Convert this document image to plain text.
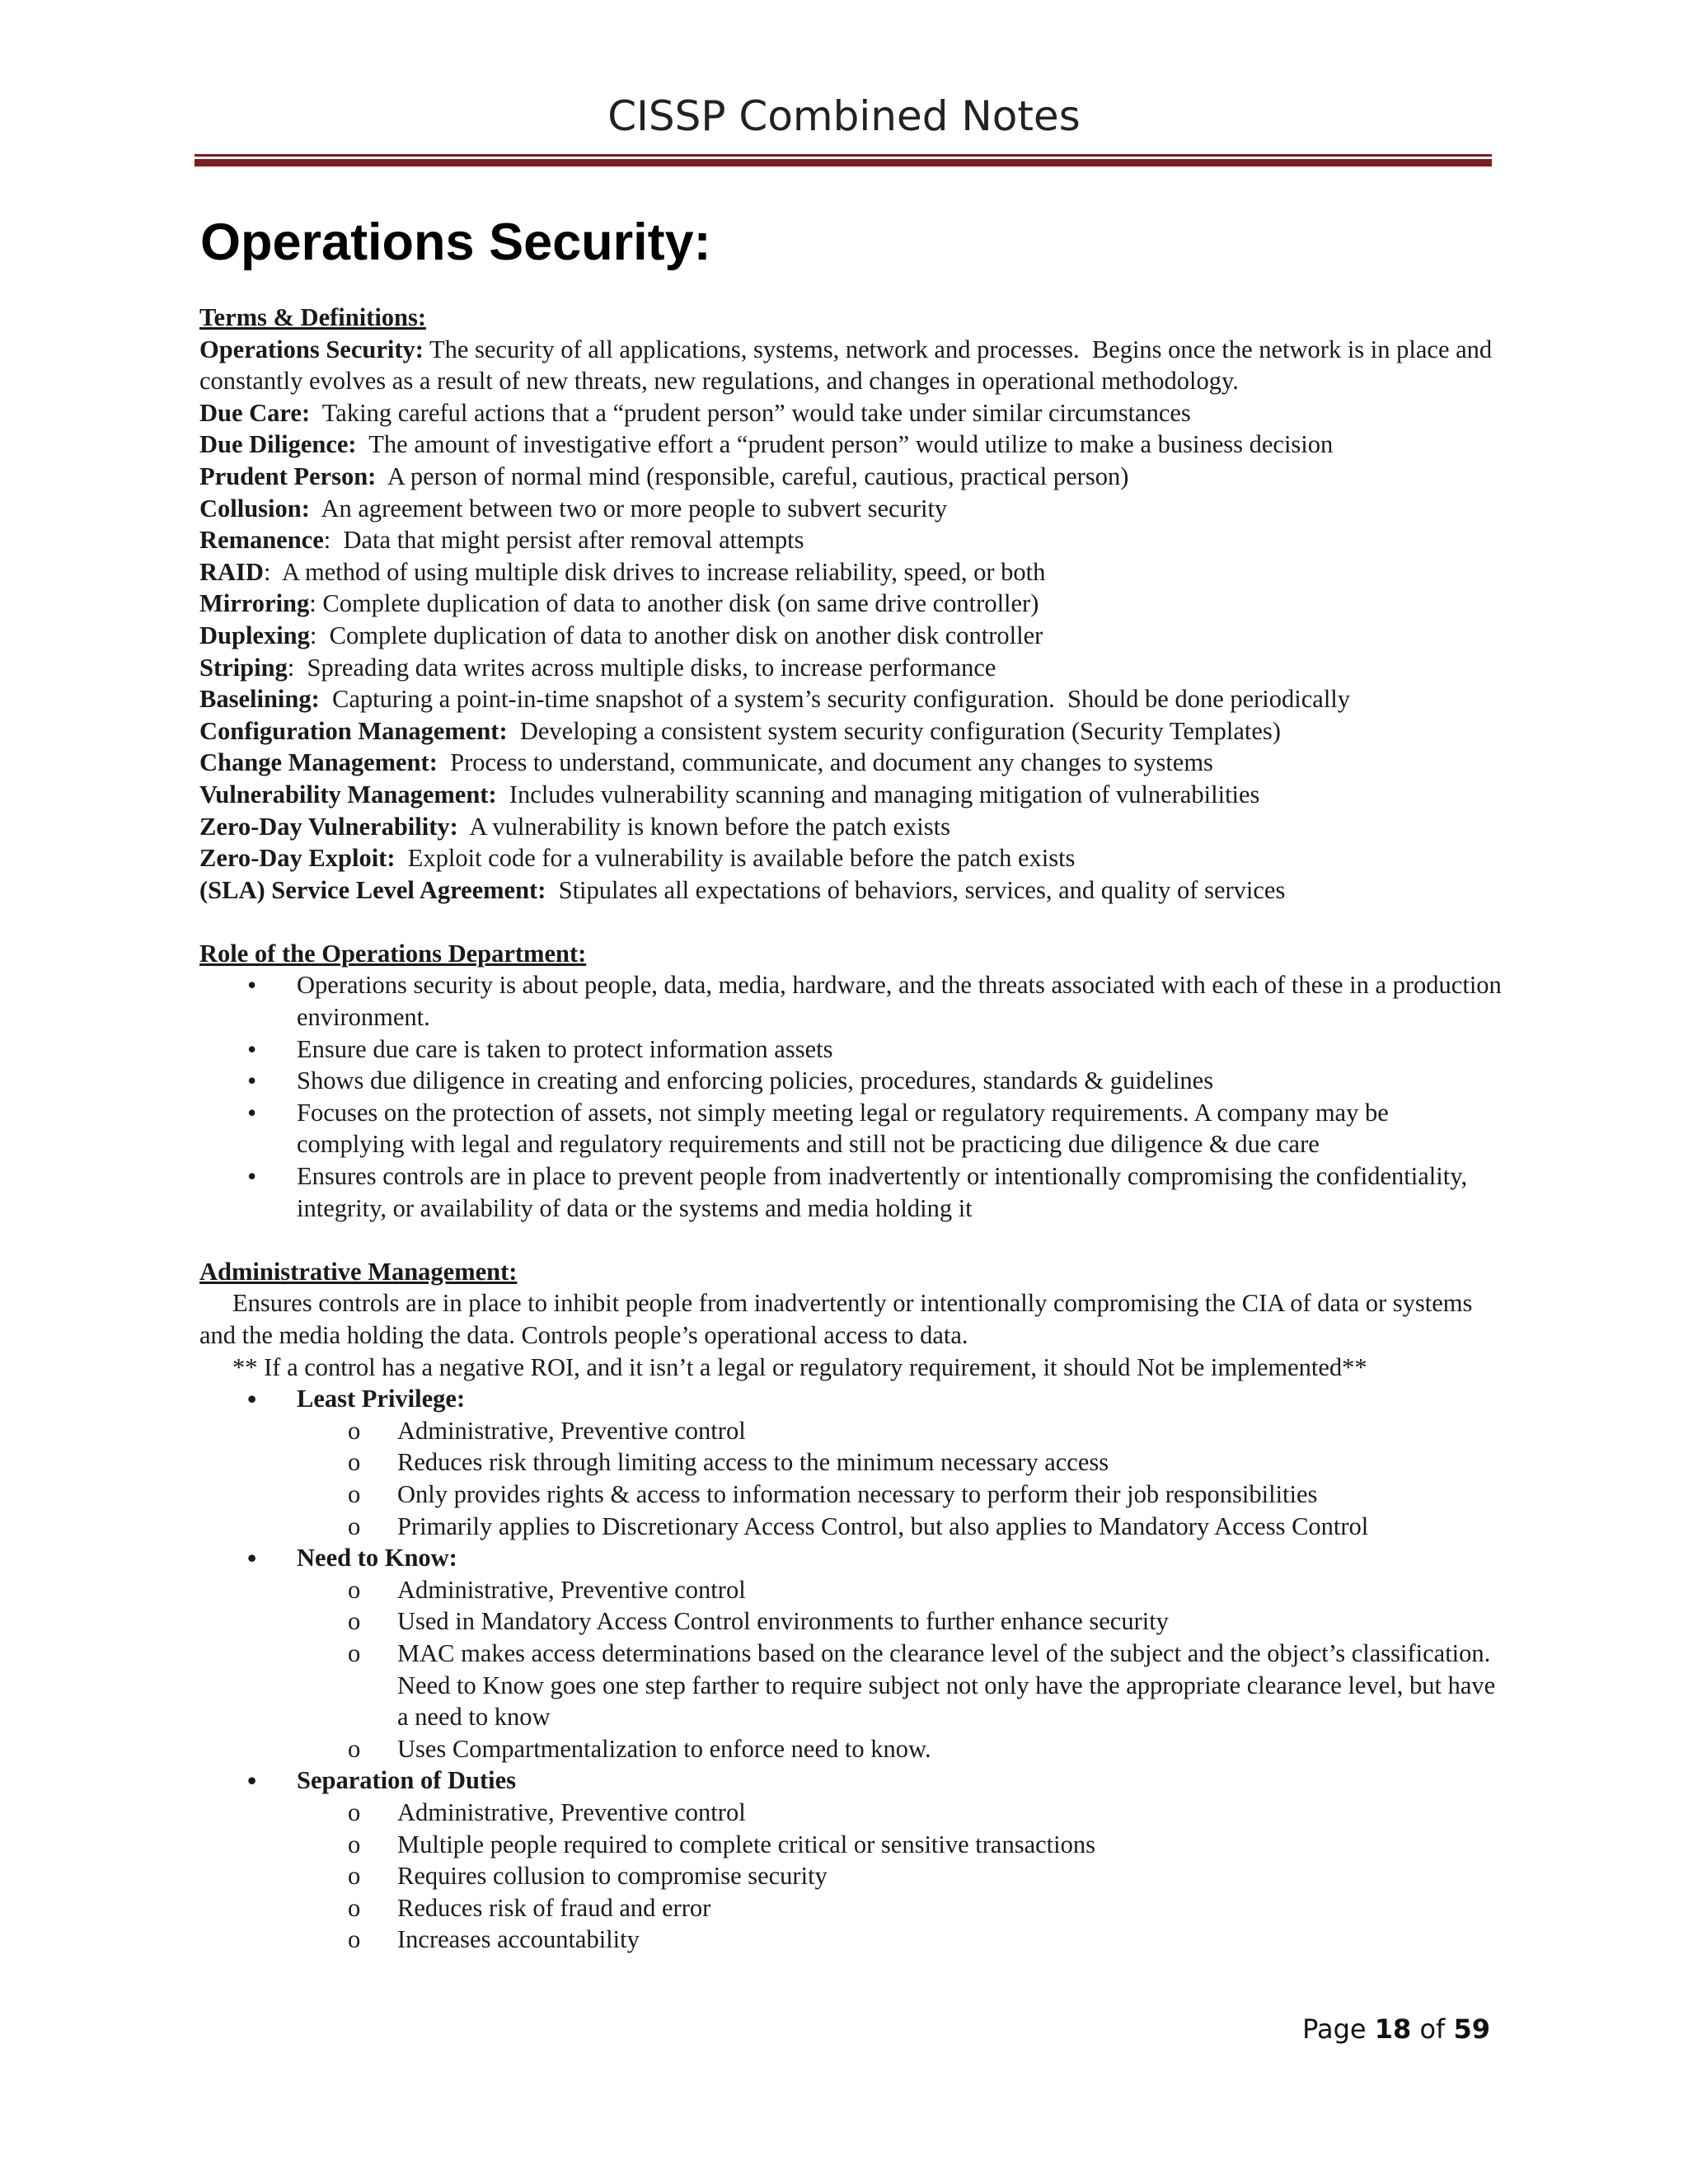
CISSP Combined Notes
Operations Security:
Terms & Definitions:
Operations Security: The security of all applications, systems, network and processes.  Begins once the network is in place and constantly evolves as a result of new threats, new regulations, and changes in operational methodology.
Due Care:  Taking careful actions that a “prudent person” would take under similar circumstances
Due Diligence:  The amount of investigative effort a “prudent person” would utilize to make a business decision
Prudent Person:  A person of normal mind (responsible, careful, cautious, practical person)
Collusion:  An agreement between two or more people to subvert security
Remanence:  Data that might persist after removal attempts
RAID:  A method of using multiple disk drives to increase reliability, speed, or both
Mirroring: Complete duplication of data to another disk (on same drive controller)
Duplexing:  Complete duplication of data to another disk on another disk controller
Striping:  Spreading data writes across multiple disks, to increase performance
Baselining:  Capturing a point-in-time snapshot of a system’s security configuration.  Should be done periodically
Configuration Management:  Developing a consistent system security configuration (Security Templates)
Change Management:  Process to understand, communicate, and document any changes to systems
Vulnerability Management:  Includes vulnerability scanning and managing mitigation of vulnerabilities
Zero-Day Vulnerability:  A vulnerability is known before the patch exists
Zero-Day Exploit:  Exploit code for a vulnerability is available before the patch exists
(SLA) Service Level Agreement:  Stipulates all expectations of behaviors, services, and quality of services
Role of the Operations Department:
• Operations security is about people, data, media, hardware, and the threats associated with each of these in a production environment.
• Ensure due care is taken to protect information assets
• Shows due diligence in creating and enforcing policies, procedures, standards & guidelines
• Focuses on the protection of assets, not simply meeting legal or regulatory requirements. A company may be complying with legal and regulatory requirements and still not be practicing due diligence & due care
• Ensures controls are in place to prevent people from inadvertently or intentionally compromising the confidentiality, integrity, or availability of data or the systems and media holding it
Administrative Management:
Ensures controls are in place to inhibit people from inadvertently or intentionally compromising the CIA of data or systems and the media holding the data. Controls people’s operational access to data.
** If a control has a negative ROI, and it isn’t a legal or regulatory requirement, it should Not be implemented**
• Least Privilege:
o Administrative, Preventive control
o Reduces risk through limiting access to the minimum necessary access
o Only provides rights & access to information necessary to perform their job responsibilities
o Primarily applies to Discretionary Access Control, but also applies to Mandatory Access Control
• Need to Know:
o Administrative, Preventive control
o Used in Mandatory Access Control environments to further enhance security
o MAC makes access determinations based on the clearance level of the subject and the object’s classification. Need to Know goes one step farther to require subject not only have the appropriate clearance level, but have a need to know
o Uses Compartmentalization to enforce need to know.
• Separation of Duties
o Administrative, Preventive control
o Multiple people required to complete critical or sensitive transactions
o Requires collusion to compromise security
o Reduces risk of fraud and error
o Increases accountability
Page 18 of 59
